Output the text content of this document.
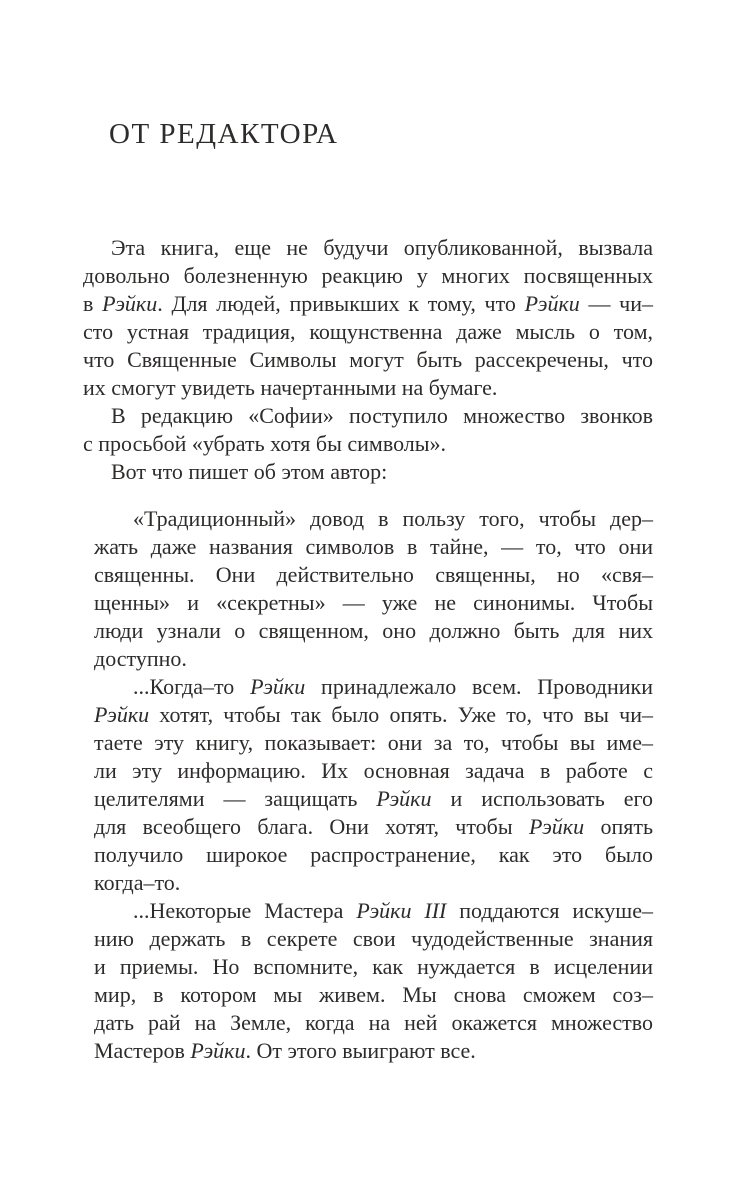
ОТ РЕДАКТОРА
Эта книга, еще не будучи опубликованной, вызвала
довольно болезненную реакцию у многих посвященных
в Рэйки. Для людей, привыкших к тому, что Рэйки — чи–
сто устная традиция, кощунственна даже мысль о том,
что Священные Символы могут быть рассекречены, что
их смогут увидеть начертанными на бумаге.
В редакцию «Софии» поступило множество звонков
с просьбой «убрать хотя бы символы».
Вот что пишет об этом автор:
«Традиционный» довод в пользу того, чтобы дер–
жать даже названия символов в тайне, — то, что они
священны. Они действительно священны, но «свя–
щенны» и «секретны» — уже не синонимы. Чтобы
люди узнали о священном, оно должно быть для них
доступно.
...Когда–то Рэйки принадлежало всем. Проводники
Рэйки хотят, чтобы так было опять. Уже то, что вы чи–
таете эту книгу, показывает: они за то, чтобы вы име–
ли эту информацию. Их основная задача в работе с
целителями — защищать Рэйки и использовать его
для всеобщего блага. Они хотят, чтобы Рэйки опять
получило широкое распространение, как это было
когда–то.
...Некоторые Мастера Рэйки III поддаются искуше–
нию держать в секрете свои чудодейственные знания
и приемы. Но вспомните, как нуждается в исцелении
мир, в котором мы живем. Мы снова сможем соз–
дать рай на Земле, когда на ней окажется множество
Мастеров Рэйки. От этого выиграют все.
